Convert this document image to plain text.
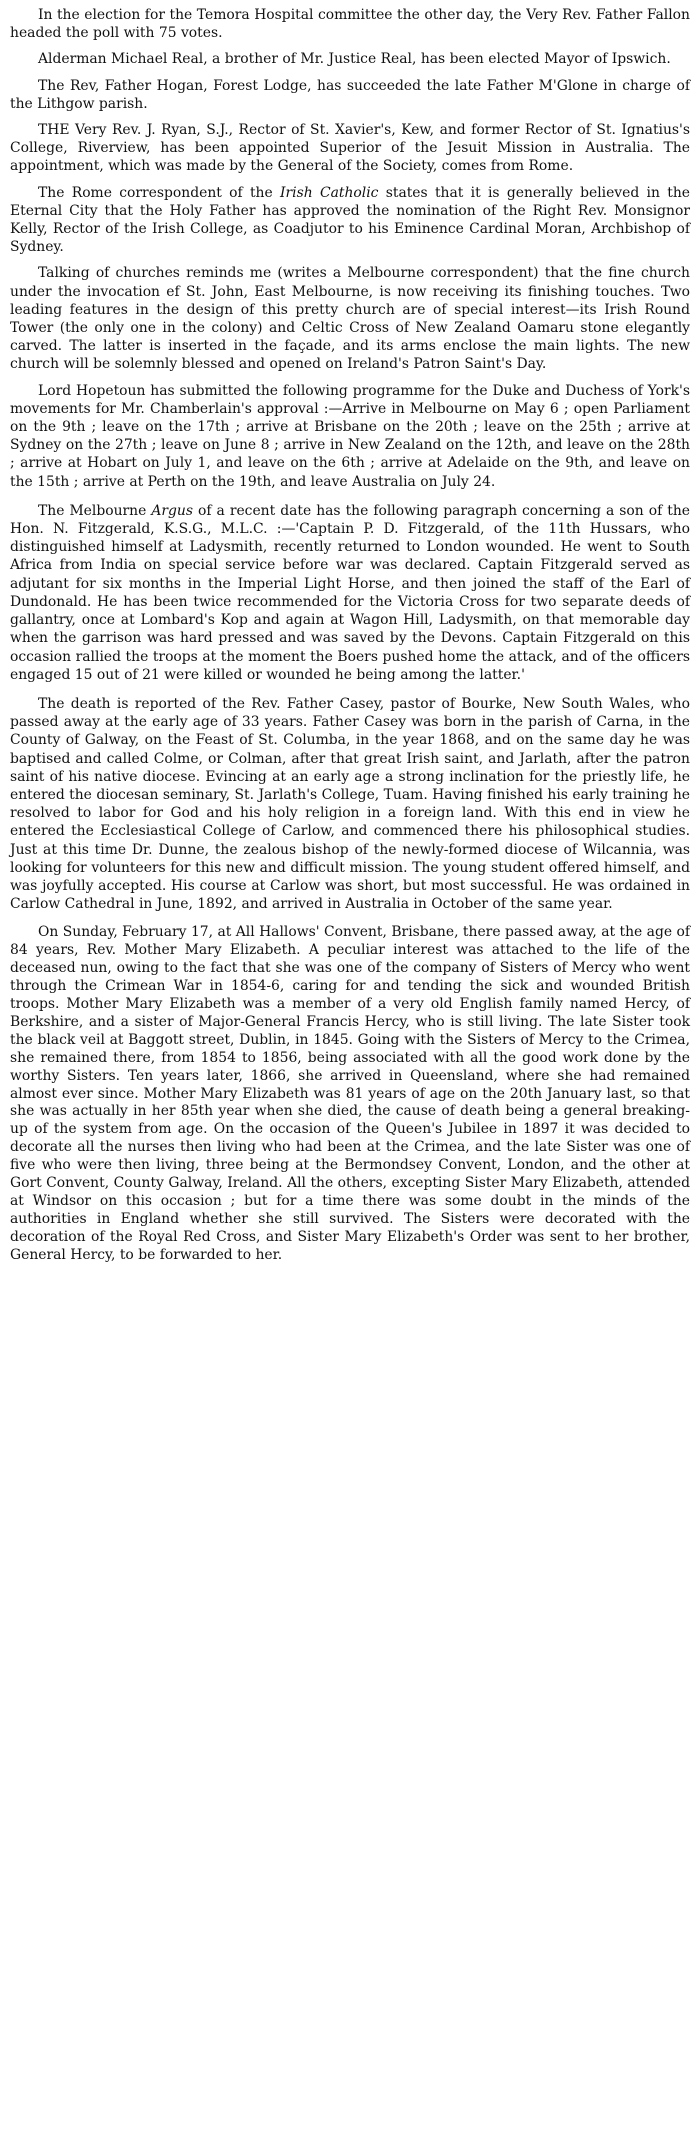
In the election for the Temora Hospital committee the other day, the Very Rev. Father Fallon headed the poll with 75 votes.

Alderman Michael Real, a brother of Mr. Justice Real, has been elected Mayor of Ipswich.

The Rev, Father Hogan, Forest Lodge, has succeeded the late Father M'Glone in charge of the Lithgow parish.

THE Very Rev. J. Ryan, S.J., Rector of St. Xavier's, Kew, and former Rector of St. Ignatius's College, Riverview, has been appointed Superior of the Jesuit Mission in Australia. The appointment, which was made by the General of the Society, comes from Rome.

The Rome correspondent of the Irish Catholic states that it is generally believed in the Eternal City that the Holy Father has approved the nomination of the Right Rev. Monsignor Kelly, Rector of the Irish College, as Coadjutor to his Eminence Cardinal Moran, Archbishop of Sydney.

Talking of churches reminds me (writes a Melbourne correspondent) that the fine church under the invocation ef St. John, East Melbourne, is now receiving its finishing touches. Two leading features in the design of this pretty church are of special interest—its Irish Round Tower (the only one in the colony) and Celtic Cross of New Zealand Oamaru stone elegantly carved. The latter is inserted in the façade, and its arms enclose the main lights. The new church will be solemnly blessed and opened on Ireland's Patron Saint's Day.

Lord Hopetoun has submitted the following programme for the Duke and Duchess of York's movements for Mr. Chamberlain's approval :—Arrive in Melbourne on May 6 ; open Parliament on the 9th ; leave on the 17th ; arrive at Brisbane on the 20th ; leave on the 25th ; arrive at Sydney on the 27th ; leave on June 8 ; arrive in New Zealand on the 12th, and leave on the 28th ; arrive at Hobart on July 1, and leave on the 6th ; arrive at Adelaide on the 9th, and leave on the 15th ; arrive at Perth on the 19th, and leave Australia on July 24.

The Melbourne Argus of a recent date has the following paragraph concerning a son of the Hon. N. Fitzgerald, K.S.G., M.L.C. :—'Captain P. D. Fitzgerald, of the 11th Hussars, who distinguished himself at Ladysmith, recently returned to London wounded. He went to South Africa from India on special service before war was declared. Captain Fitzgerald served as adjutant for six months in the Imperial Light Horse, and then joined the staff of the Earl of Dundonald. He has been twice recommended for the Victoria Cross for two separate deeds of gallantry, once at Lombard's Kop and again at Wagon Hill, Ladysmith, on that memorable day when the garrison was hard pressed and was saved by the Devons. Captain Fitzgerald on this occasion rallied the troops at the moment the Boers pushed home the attack, and of the officers engaged 15 out of 21 were killed or wounded he being among the latter.'

The death is reported of the Rev. Father Casey, pastor of Bourke, New South Wales, who passed away at the early age of 33 years. Father Casey was born in the parish of Carna, in the County of Galway, on the Feast of St. Columba, in the year 1868, and on the same day he was baptised and called Colme, or Colman, after that great Irish saint, and Jarlath, after the patron saint of his native diocese. Evincing at an early age a strong inclination for the priestly life, he entered the diocesan seminary, St. Jarlath's College, Tuam. Having finished his early training he resolved to labor for God and his holy religion in a foreign land. With this end in view he entered the Ecclesiastical College of Carlow, and commenced there his philosophical studies. Just at this time Dr. Dunne, the zealous bishop of the newly-formed diocese of Wilcannia, was looking for volunteers for this new and difficult mission. The young student offered himself, and was joyfully accepted. His course at Carlow was short, but most successful. He was ordained in Carlow Cathedral in June, 1892, and arrived in Australia in October of the same year.

On Sunday, February 17, at All Hallows' Convent, Brisbane, there passed away, at the age of 84 years, Rev. Mother Mary Elizabeth. A peculiar interest was attached to the life of the deceased nun, owing to the fact that she was one of the company of Sisters of Mercy who went through the Crimean War in 1854-6, caring for and tending the sick and wounded British troops. Mother Mary Elizabeth was a member of a very old English family named Hercy, of Berkshire, and a sister of Major-General Francis Hercy, who is still living. The late Sister took the black veil at Baggott street, Dublin, in 1845. Going with the Sisters of Mercy to the Crimea, she remained there, from 1854 to 1856, being associated with all the good work done by the worthy Sisters. Ten years later, 1866, she arrived in Queensland, where she had remained almost ever since. Mother Mary Elizabeth was 81 years of age on the 20th January last, so that she was actually in her 85th year when she died, the cause of death being a general breaking-up of the system from age. On the occasion of the Queen's Jubilee in 1897 it was decided to decorate all the nurses then living who had been at the Crimea, and the late Sister was one of five who were then living, three being at the Bermondsey Convent, London, and the other at Gort Convent, County Galway, Ireland. All the others, excepting Sister Mary Elizabeth, attended at Windsor on this occasion ; but for a time there was some doubt in the minds of the authorities in England whether she still survived. The Sisters were decorated with the decoration of the Royal Red Cross, and Sister Mary Elizabeth's Order was sent to her brother, General Hercy, to be forwarded to her.
